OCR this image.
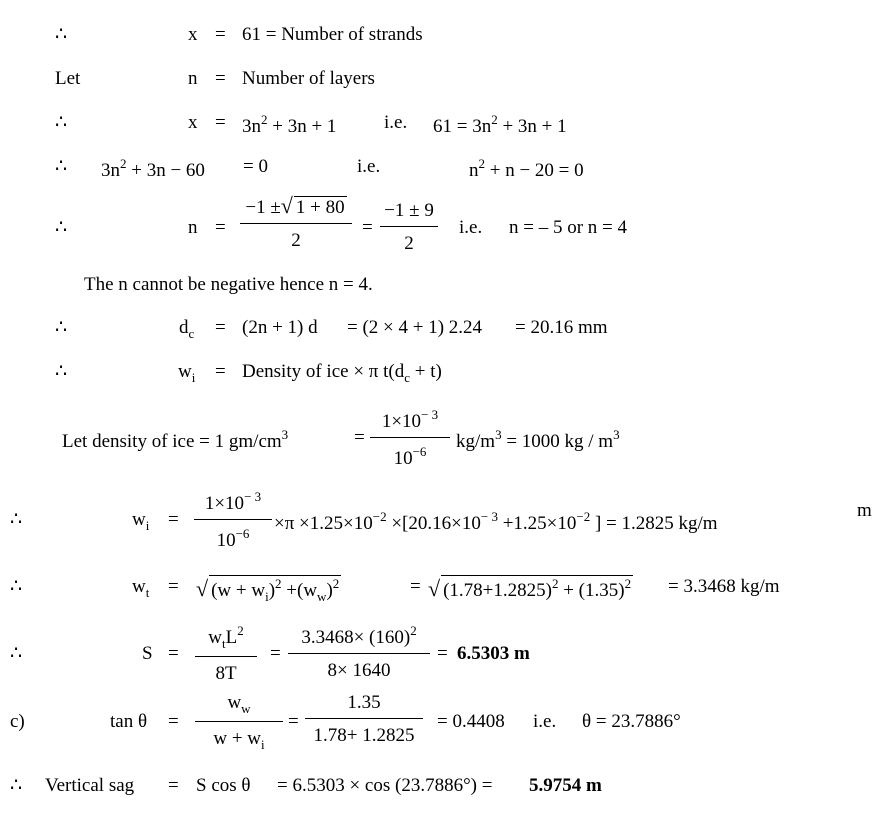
∴	x = 61 = Number of strands
Let	n = Number of layers
∴	$x = 3n^2 + 3n + 1$	i.e. $61 = 3n^2 + 3n + 1$
∴ $3n^2 + 3n - 60 = 0$	i.e.	$n^2 + n - 20 = 0$
∴	n =
−1 ±√ 1 + 80
2
=
−1 ± 9
2
i.e. n = – 5 or n = 4
The n cannot be negative hence n = 4.
∴	$d_c = (2n + 1) d = (2 \times 4 + 1) 2.24 = 20.16$ mm
∴	$w_i$ = Density of ice × π $t(d_c + t)$
Let density of ice = 1 $gm/cm^3$	=
$1\times 10^{- 3}$
$10^{-6}$	$kg/m^3 = 1000$ kg / $m^3$
∴	$w_i$ =
$1\times 10^{- 3}$
$10^{-6}$	$\times\pi \times 1.25\times 10^{-2} \times[20.16\times 10^{- 3} +1.25\times 10^{-2}$ ] = 1.2825 kg/m
m
∴	$w_t$ = √ $(w + w_i)^2 +(w_w)^2$	= √ $(1.78+1.2825)^2 + (1.35)^2 = 3.3468$ kg/m
∴	S =
$w_tL^2$
8T
=
$3.3468\times (160)^2$
8× 1640
= 6.5303 m
c)	tan θ =
$w_w$
$w + w_i$
=
1.35
1.78+ 1.2825
= 0.4408 i.e. θ = 23.7886°
∴ Vertical sag = S cos θ = 6.5303 × cos (23.7886°) = 5.9754 m
